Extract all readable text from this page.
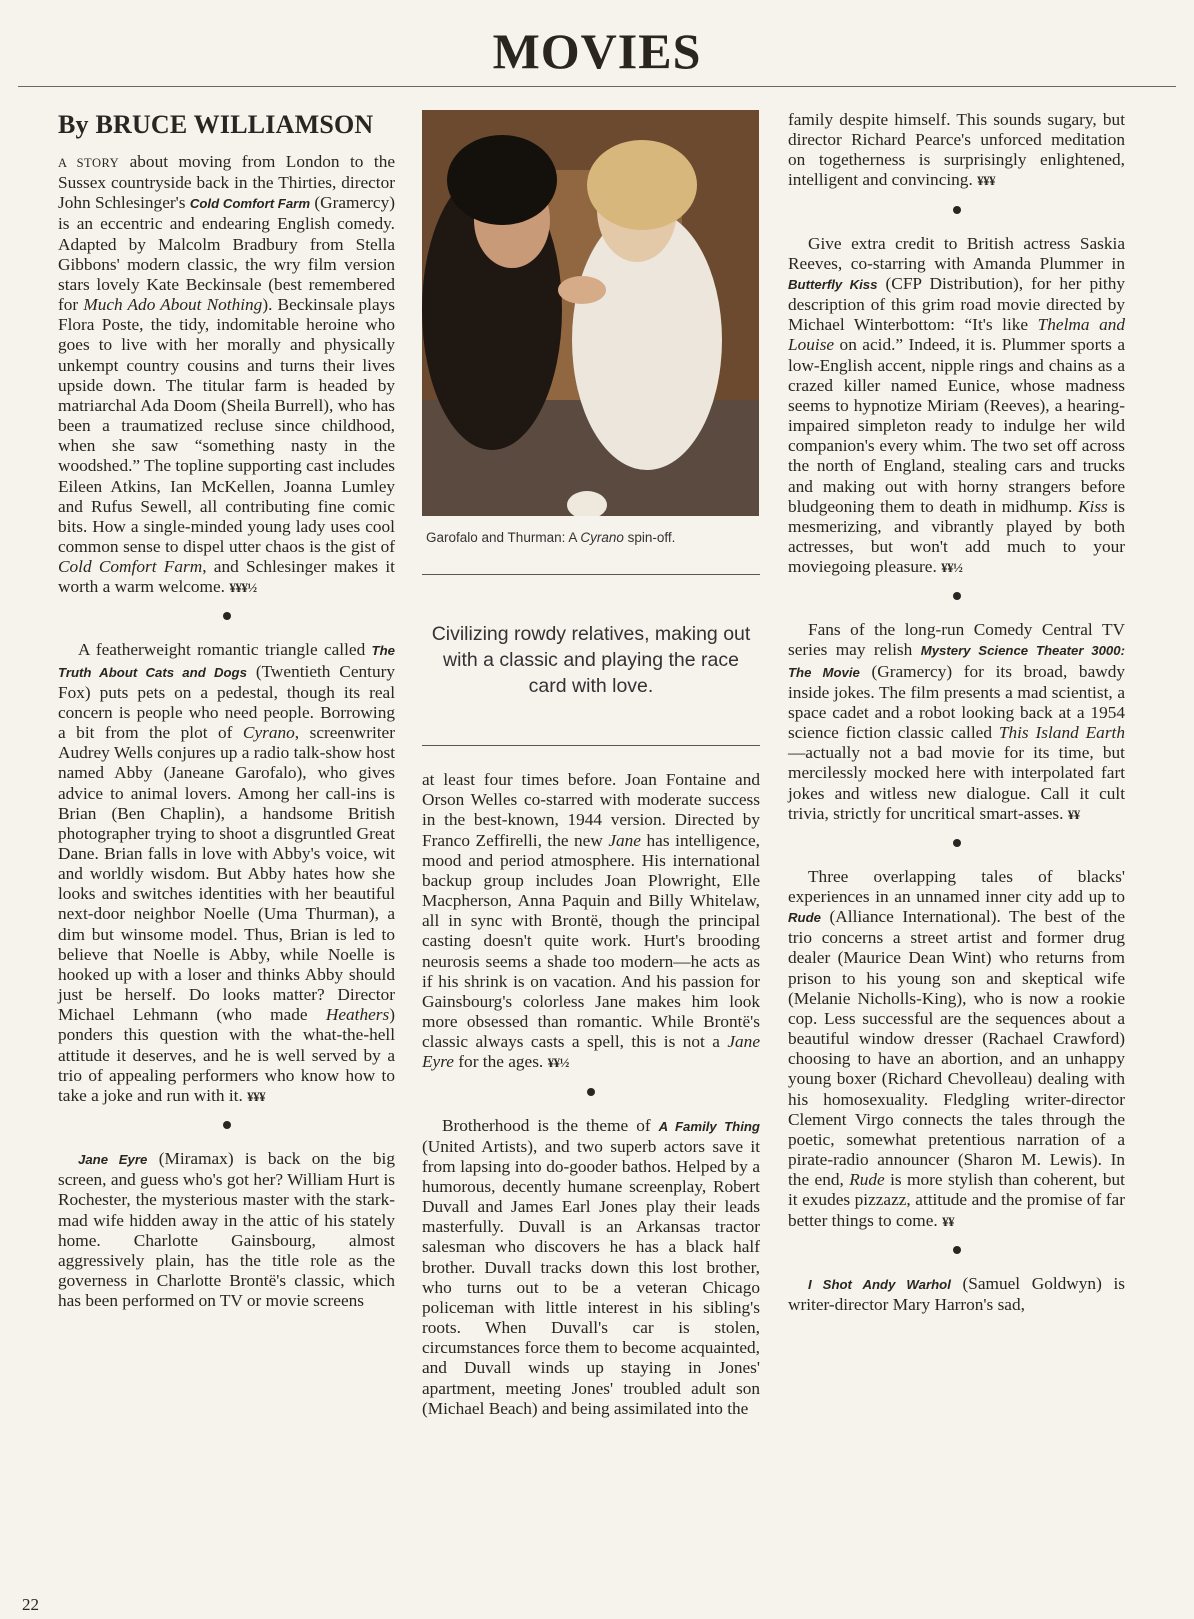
MOVIES
By BRUCE WILLIAMSON

A STORY about moving from London to the Sussex countryside back in the Thirties, director John Schlesinger's Cold Comfort Farm (Gramercy) is an eccentric and endearing English comedy. Adapted by Malcolm Bradbury from Stella Gibbons' modern classic, the wry film version stars lovely Kate Beckinsale (best remembered for Much Ado About Nothing). Beckinsale plays Flora Poste, the tidy, indomitable heroine who goes to live with her morally and physically unkempt country cousins and turns their lives upside down. The titular farm is headed by matriarchal Ada Doom (Sheila Burrell), who has been a traumatized recluse since childhood, when she saw “something nasty in the woodshed.” The topline supporting cast includes Eileen Atkins, Ian McKellen, Joanna Lumley and Rufus Sewell, all contributing fine comic bits. How a single-minded young lady uses cool common sense to dispel utter chaos is the gist of Cold Comfort Farm, and Schlesinger makes it worth a warm welcome. ¥¥¥½

A featherweight romantic triangle called The Truth About Cats and Dogs (Twentieth Century Fox) puts pets on a pedestal, though its real concern is people who need people. Borrowing a bit from the plot of Cyrano, screenwriter Audrey Wells conjures up a radio talk-show host named Abby (Janeane Garofalo), who gives advice to animal lovers. Among her call-ins is Brian (Ben Chaplin), a handsome British photographer trying to shoot a disgruntled Great Dane. Brian falls in love with Abby's voice, wit and worldly wisdom. But Abby hates how she looks and switches identities with her beautiful next-door neighbor Noelle (Uma Thurman), a dim but winsome model. Thus, Brian is led to believe that Noelle is Abby, while Noelle is hooked up with a loser and thinks Abby should just be herself. Do looks matter? Director Michael Lehmann (who made Heathers) ponders this question with the what-the-hell attitude it deserves, and he is well served by a trio of appealing performers who know how to take a joke and run with it. ¥¥¥

Jane Eyre (Miramax) is back on the big screen, and guess who's got her? William Hurt is Rochester, the mysterious master with the stark-mad wife hidden away in the attic of his stately home. Charlotte Gainsbourg, almost aggressively plain, has the title role as the governess in Charlotte Brontë's classic, which has been performed on TV or movie screens

Garofalo and Thurman: A Cyrano spin-off.
Civilizing rowdy relatives, making out with a classic and playing the race card with love.

at least four times before. Joan Fontaine and Orson Welles co-starred with moderate success in the best-known, 1944 version. Directed by Franco Zeffirelli, the new Jane has intelligence, mood and period atmosphere. His international backup group includes Joan Plowright, Elle Macpherson, Anna Paquin and Billy Whitelaw, all in sync with Brontë, though the principal casting doesn't quite work. Hurt's brooding neurosis seems a shade too modern—he acts as if his shrink is on vacation. And his passion for Gainsbourg's colorless Jane makes him look more obsessed than romantic. While Brontë's classic always casts a spell, this is not a Jane Eyre for the ages. ¥¥½

Brotherhood is the theme of A Family Thing (United Artists), and two superb actors save it from lapsing into do-gooder bathos. Helped by a humorous, decently humane screenplay, Robert Duvall and James Earl Jones play their leads masterfully. Duvall is an Arkansas tractor salesman who discovers he has a black half brother. Duvall tracks down this lost brother, who turns out to be a veteran Chicago policeman with little interest in his sibling's roots. When Duvall's car is stolen, circumstances force them to become acquainted, and Duvall winds up staying in Jones' apartment, meeting Jones' troubled adult son (Michael Beach) and being assimilated into the

family despite himself. This sounds sugary, but director Richard Pearce's unforced meditation on togetherness is surprisingly enlightened, intelligent and convincing. ¥¥¥

Give extra credit to British actress Saskia Reeves, co-starring with Amanda Plummer in Butterfly Kiss (CFP Distribution), for her pithy description of this grim road movie directed by Michael Winterbottom: “It's like Thelma and Louise on acid.” Indeed, it is. Plummer sports a low-English accent, nipple rings and chains as a crazed killer named Eunice, whose madness seems to hypnotize Miriam (Reeves), a hearing-impaired simpleton ready to indulge her wild companion's every whim. The two set off across the north of England, stealing cars and trucks and making out with horny strangers before bludgeoning them to death in midhump. Kiss is mesmerizing, and vibrantly played by both actresses, but won't add much to your moviegoing pleasure. ¥¥½

Fans of the long-run Comedy Central TV series may relish Mystery Science Theater 3000: The Movie (Gramercy) for its broad, bawdy inside jokes. The film presents a mad scientist, a space cadet and a robot looking back at a 1954 science fiction classic called This Island Earth—actually not a bad movie for its time, but mercilessly mocked here with interpolated fart jokes and witless new dialogue. Call it cult trivia, strictly for uncritical smart-asses. ¥¥

Three overlapping tales of blacks' experiences in an unnamed inner city add up to Rude (Alliance International). The best of the trio concerns a street artist and former drug dealer (Maurice Dean Wint) who returns from prison to his young son and skeptical wife (Melanie Nicholls-King), who is now a rookie cop. Less successful are the sequences about a beautiful window dresser (Rachael Crawford) choosing to have an abortion, and an unhappy young boxer (Richard Chevolleau) dealing with his homosexuality. Fledgling writer-director Clement Virgo connects the tales through the poetic, somewhat pretentious narration of a pirate-radio announcer (Sharon M. Lewis). In the end, Rude is more stylish than coherent, but it exudes pizzazz, attitude and the promise of far better things to come. ¥¥

I Shot Andy Warhol (Samuel Goldwyn) is writer-director Mary Harron's sad,

22
